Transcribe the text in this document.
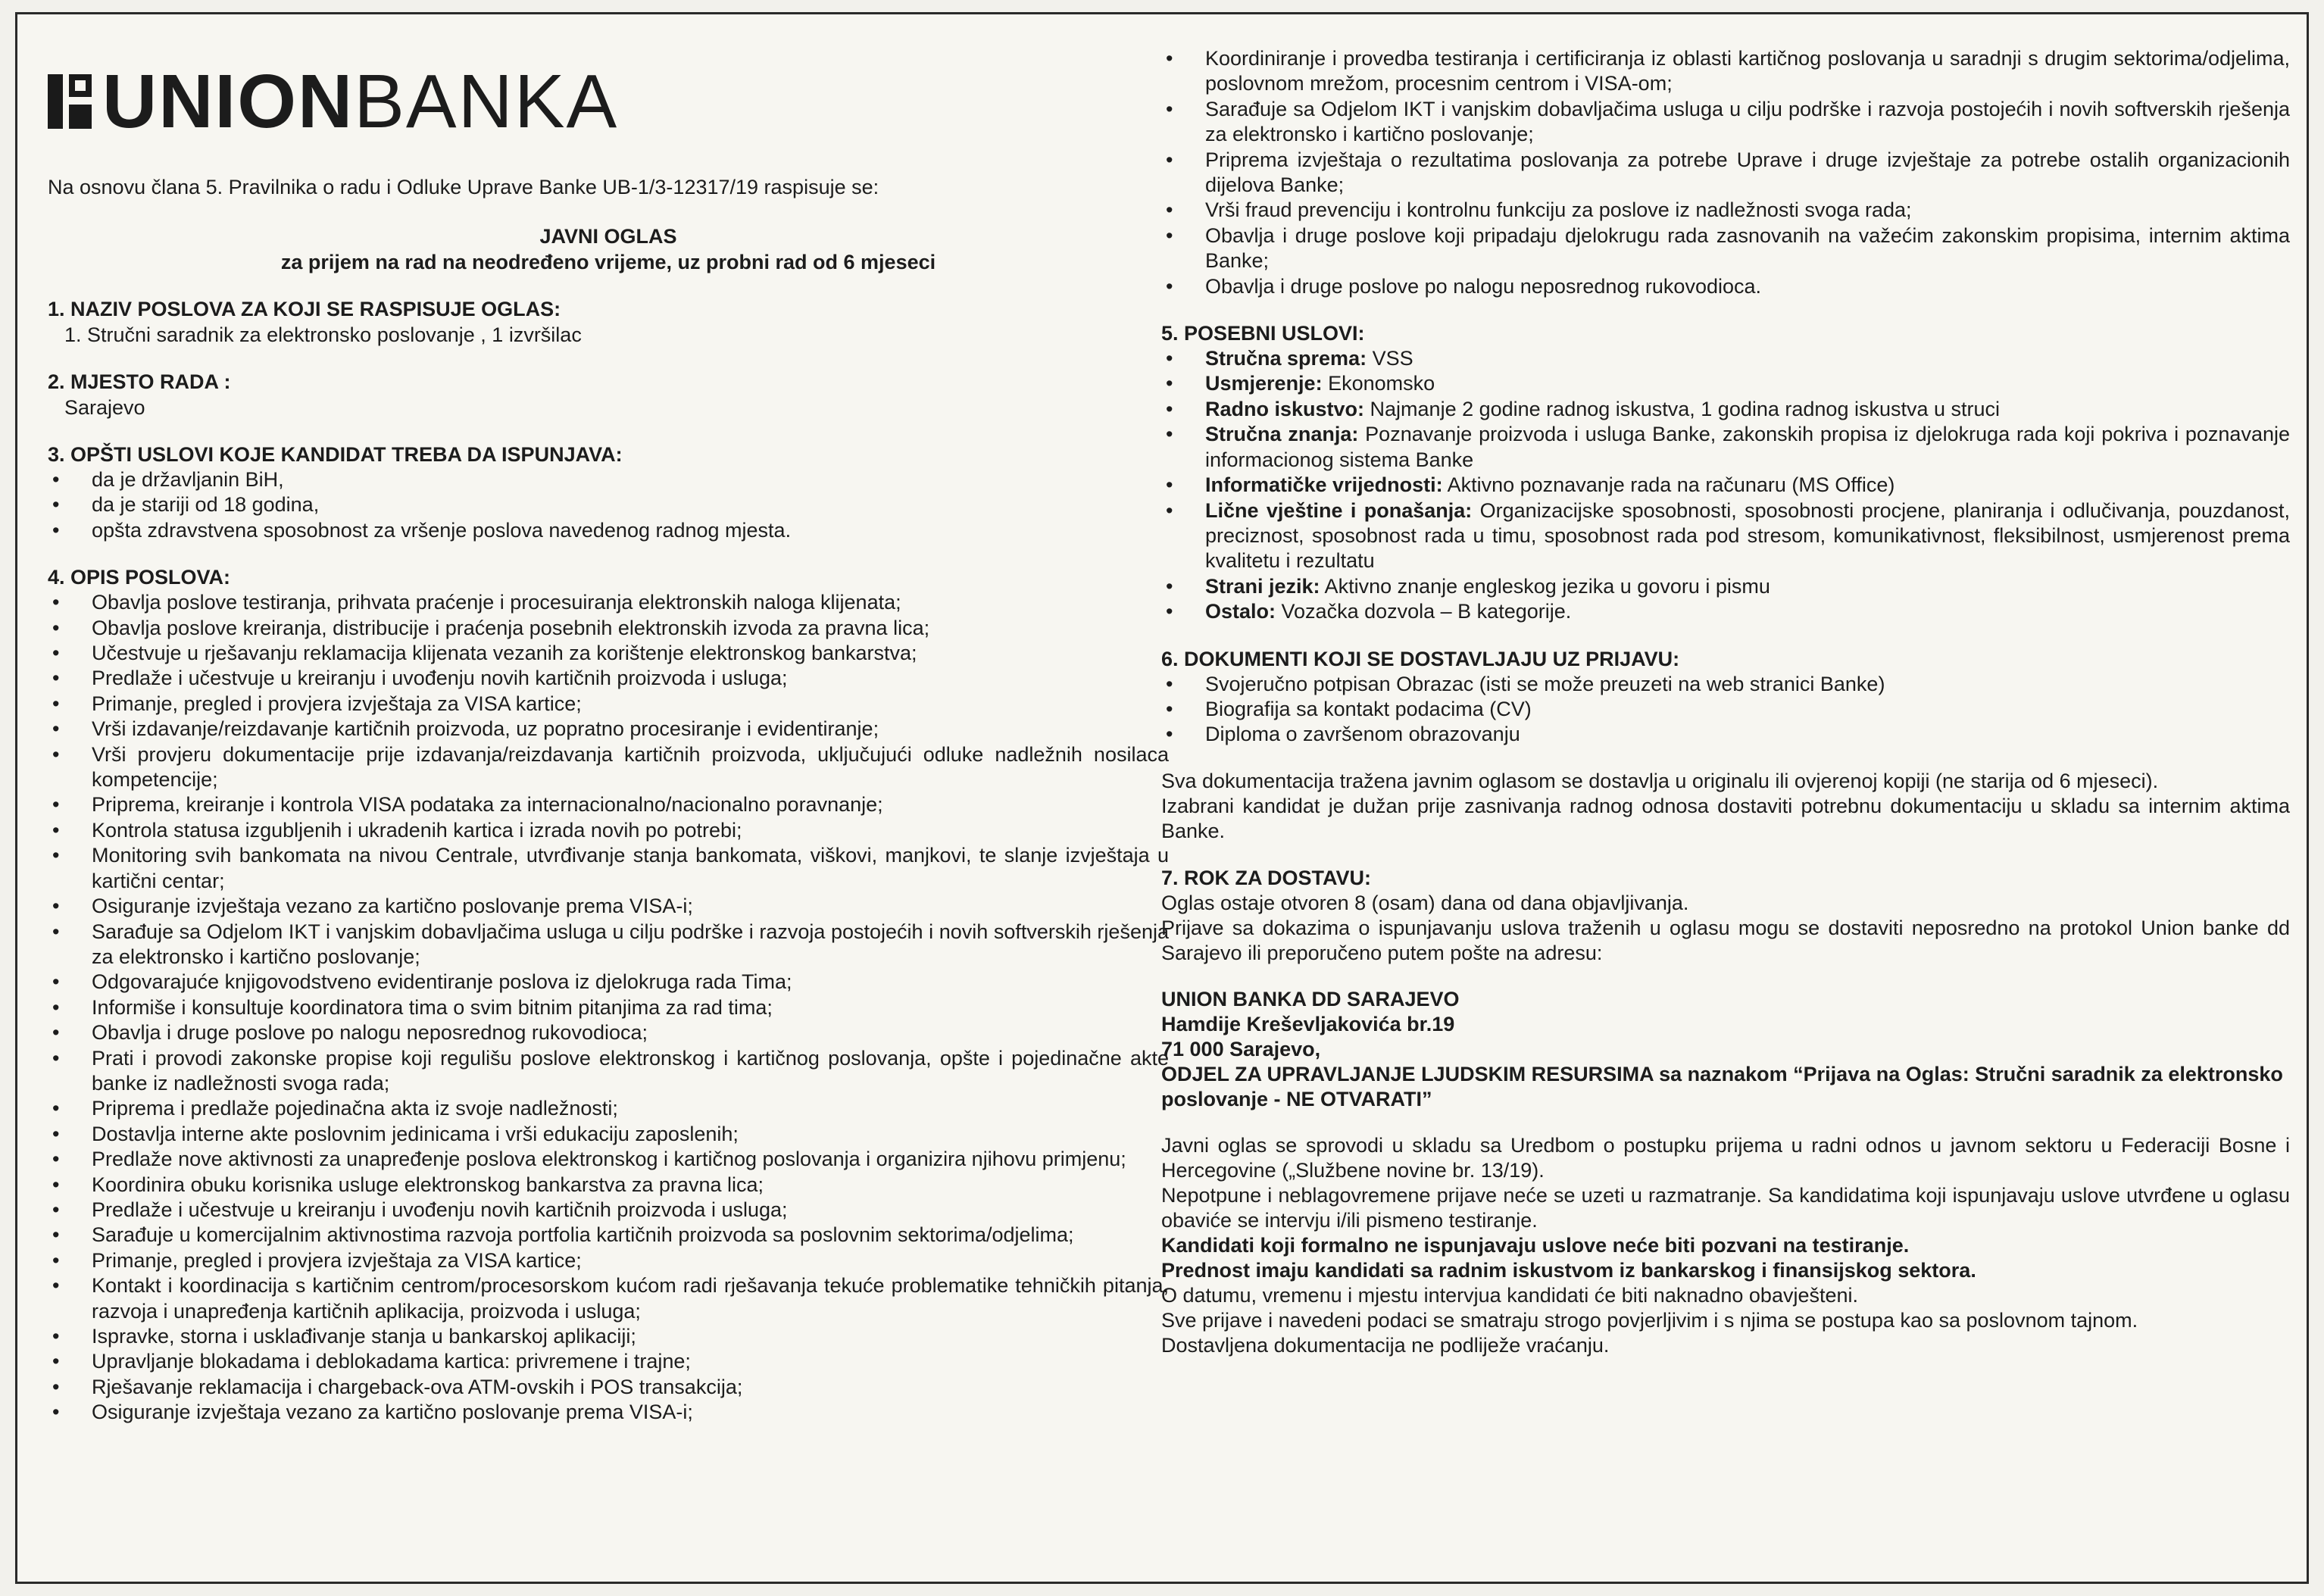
UNION BANKA
Na osnovu člana 5. Pravilnika o radu i Odluke Uprave Banke UB-1/3-12317/19 raspisuje se:
JAVNI OGLAS
za prijem na rad na neodređeno vrijeme, uz probni rad od 6 mjeseci
1. NAZIV POSLOVA ZA KOJI SE RASPISUJE OGLAS:
1. Stručni saradnik za elektronsko poslovanje , 1 izvršilac
2. MJESTO RADA :
Sarajevo
3. OPŠTI USLOVI KOJE KANDIDAT TREBA DA ISPUNJAVA:
• da je državljanin BiH,
• da je stariji od 18 godina,
• opšta zdravstvena sposobnost za vršenje poslova navedenog radnog mjesta.
4. OPIS POSLOVA:
• Obavlja poslove testiranja, prihvata praćenje i procesuiranja elektronskih naloga klijenata;
• Obavlja poslove kreiranja, distribucije i praćenja posebnih elektronskih izvoda za pravna lica;
• Učestvuje u rješavanju reklamacija klijenata vezanih za korištenje elektronskog bankarstva;
• Predlaže i učestvuje u kreiranju i uvođenju novih kartičnih proizvoda i usluga;
• Primanje, pregled i provjera izvještaja za VISA kartice;
• Vrši izdavanje/reizdavanje kartičnih proizvoda, uz popratno procesiranje i evidentiranje;
• Vrši provjeru dokumentacije prije izdavanja/reizdavanja kartičnih proizvoda, uključujući odluke nadležnih nosilaca kompetencije;
• Priprema, kreiranje i kontrola VISA podataka za internacionalno/nacionalno poravnanje;
• Kontrola statusa izgubljenih i ukradenih kartica i izrada novih po potrebi;
• Monitoring svih bankomata na nivou Centrale, utvrđivanje stanja bankomata, viškovi, manjkovi, te slanje izvještaja u kartični centar;
• Osiguranje izvještaja vezano za kartično poslovanje prema VISA-i;
• Sarađuje sa Odjelom IKT i vanjskim dobavljačima usluga u cilju podrške i razvoja postojećih i novih softverskih rješenja za elektronsko i kartično poslovanje;
• Odgovarajuće knjigovodstveno evidentiranje poslova iz djelokruga rada Tima;
• Informiše i konsultuje koordinatora tima o svim bitnim pitanjima za rad tima;
• Obavlja i druge poslove po nalogu neposrednog rukovodioca;
• Prati i provodi zakonske propise koji regulišu poslove elektronskog i kartičnog poslovanja, opšte i pojedinačne akte banke iz nadležnosti svoga rada;
• Priprema i predlaže pojedinačna akta iz svoje nadležnosti;
• Dostavlja interne akte poslovnim jedinicama i vrši edukaciju zaposlenih;
• Predlaže nove aktivnosti za unapređenje poslova elektronskog i kartičnog poslovanja i organizira njihovu primjenu;
• Koordinira obuku korisnika usluge elektronskog bankarstva za pravna lica;
• Predlaže i učestvuje u kreiranju i uvođenju novih kartičnih proizvoda i usluga;
• Sarađuje u komercijalnim aktivnostima razvoja portfolia kartičnih proizvoda sa poslovnim sektorima/odjelima;
• Primanje, pregled i provjera izvještaja za VISA kartice;
• Kontakt i koordinacija s kartičnim centrom/procesorskom kućom radi rješavanja tekuće problematike tehničkih pitanja, razvoja i unapređenja kartičnih aplikacija, proizvoda i usluga;
• Ispravke, storna i usklađivanje stanja u bankarskoj aplikaciji;
• Upravljanje blokadama i deblokadama kartica: privremene i trajne;
• Rješavanje reklamacija i chargeback-ova ATM-ovskih i POS transakcija;
• Osiguranje izvještaja vezano za kartično poslovanje prema VISA-i;
• Koordiniranje i provedba testiranja i certificiranja iz oblasti kartičnog poslovanja u saradnji s drugim sektorima/odjelima, poslovnom mrežom, procesnim centrom i VISA-om;
• Sarađuje sa Odjelom IKT i vanjskim dobavljačima usluga u cilju podrške i razvoja postojećih i novih softverskih rješenja za elektronsko i kartično poslovanje;
• Priprema izvještaja o rezultatima poslovanja za potrebe Uprave i druge izvještaje za potrebe ostalih organizacionih dijelova Banke;
• Vrši fraud prevenciju i kontrolnu funkciju za poslove iz nadležnosti svoga rada;
• Obavlja i druge poslove koji pripadaju djelokrugu rada zasnovanih na važećim zakonskim propisima, internim aktima Banke;
• Obavlja i druge poslove po nalogu neposrednog rukovodioca.
5. POSEBNI USLOVI:
• Stručna sprema: VSS
• Usmjerenje: Ekonomsko
• Radno iskustvo: Najmanje 2 godine radnog iskustva, 1 godina radnog iskustva u struci
• Stručna znanja: Poznavanje proizvoda i usluga Banke, zakonskih propisa iz djelokruga rada koji pokriva i poznavanje informacionog sistema Banke
• Informatičke vrijednosti: Aktivno poznavanje rada na računaru (MS Office)
• Lične vještine i ponašanja: Organizacijske sposobnosti, sposobnosti procjene, planiranja i odlučivanja, pouzdanost, preciznost, sposobnost rada u timu, sposobnost rada pod stresom, komunikativnost, fleksibilnost, usmjerenost prema kvalitetu i rezultatu
• Strani jezik: Aktivno znanje engleskog jezika u govoru i pismu
• Ostalo: Vozačka dozvola – B kategorije.
6. DOKUMENTI KOJI SE DOSTAVLJAJU UZ PRIJAVU:
• Svojeručno potpisan Obrazac (isti se može preuzeti na web stranici Banke)
• Biografija sa kontakt podacima (CV)
• Diploma o završenom obrazovanju

Sva dokumentacija tražena javnim oglasom se dostavlja u originalu ili ovjerenoj kopiji (ne starija od 6 mjeseci).

Izabrani kandidat je dužan prije zasnivanja radnog odnosa dostaviti potrebnu dokumentaciju u skladu sa internim aktima Banke.

7. ROK ZA DOSTAVU:

Oglas ostaje otvoren 8 (osam) dana od dana objavljivanja.

Prijave sa dokazima o ispunjavanju uslova traženih u oglasu mogu se dostaviti neposredno na protokol Union banke dd Sarajevo ili preporučeno putem pošte na adresu:

UNION BANKA DD SARAJEVO
Hamdije Kreševljakovića br.19
71 000 Sarajevo,
ODJEL ZA UPRAVLJANJE LJUDSKIM RESURSIMA sa naznakom “Prijava na Oglas: Stručni saradnik za elektronsko poslovanje - NE OTVARATI”

Javni oglas se sprovodi u skladu sa Uredbom o postupku prijema u radni odnos u javnom sektoru u Federaciji Bosne i Hercegovine („Službene novine br. 13/19).

Nepotpune i neblagovremene prijave neće se uzeti u razmatranje. Sa kandidatima koji ispunjavaju uslove utvrđene u oglasu obaviće se intervju i/ili pismeno testiranje.

Kandidati koji formalno ne ispunjavaju uslove neće biti pozvani na testiranje.
Prednost imaju kandidati sa radnim iskustvom iz bankarskog i finansijskog sektora.

O datumu, vremenu i mjestu intervjua kandidati će biti naknadno obavješteni.

Sve prijave i navedeni podaci se smatraju strogo povjerljivim i s njima se postupa kao sa poslovnom tajnom.

Dostavljena dokumentacija ne podliježe vraćanju.
